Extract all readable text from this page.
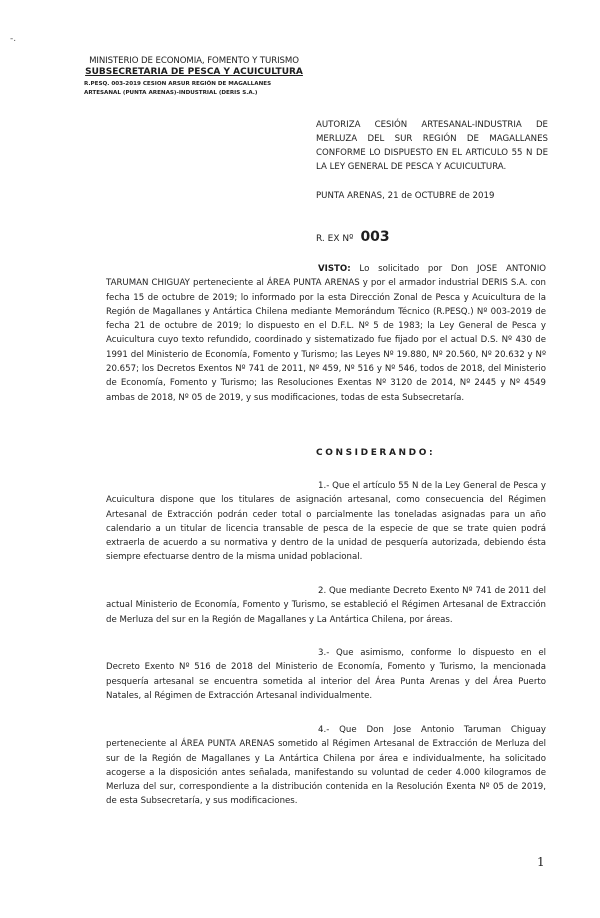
-.
MINISTERIO DE ECONOMIA, FOMENTO Y TURISMO
SUBSECRETARIA DE PESCA Y ACUICULTURA
R.PESQ. 003-2019 CESION ARSUR REGIÓN DE MAGALLANES
ARTESANAL (PUNTA ARENAS)-INDUSTRIAL (DERIS S.A.)
AUTORIZA CESIÓN ARTESANAL-INDUSTRIA DE MERLUZA DEL SUR REGIÓN DE MAGALLANES CONFORME LO DISPUESTO EN EL ARTICULO 55 N DE LA LEY GENERAL DE PESCA Y ACUICULTURA.
PUNTA ARENAS, 21 de OCTUBRE de 2019
R. EX Nº 003
VISTO: Lo solicitado por Don JOSE ANTONIO TARUMAN CHIGUAY perteneciente al ÁREA PUNTA ARENAS y por el armador industrial DERIS S.A. con fecha 15 de octubre de 2019; lo informado por la esta Dirección Zonal de Pesca y Acuicultura de la Región de Magallanes y Antártica Chilena mediante Memorándum Técnico (R.PESQ.) Nº 003-2019 de fecha 21 de octubre de 2019; lo dispuesto en el D.F.L. Nº 5 de 1983; la Ley General de Pesca y Acuicultura cuyo texto refundido, coordinado y sistematizado fue fijado por el actual D.S. Nº 430 de 1991 del Ministerio de Economía, Fomento y Turismo; las Leyes Nº 19.880, Nº 20.560, Nº 20.632 y Nº 20.657; los Decretos Exentos Nº 741 de 2011, Nº 459, Nº 516 y Nº 546, todos de 2018, del Ministerio de Economía, Fomento y Turismo; las Resoluciones Exentas Nº 3120 de 2014, Nº 2445 y Nº 4549 ambas de 2018, Nº 05 de 2019, y sus modificaciones, todas de esta Subsecretaría.
CONSIDERANDO:
1.- Que el artículo 55 N de la Ley General de Pesca y Acuicultura dispone que los titulares de asignación artesanal, como consecuencia del Régimen Artesanal de Extracción podrán ceder total o parcialmente las toneladas asignadas para un año calendario a un titular de licencia transable de pesca de la especie de que se trate quien podrá extraerla de acuerdo a su normativa y dentro de la unidad de pesquería autorizada, debiendo ésta siempre efectuarse dentro de la misma unidad poblacional.
2. Que mediante Decreto Exento Nº 741 de 2011 del actual Ministerio de Economía, Fomento y Turismo, se estableció el Régimen Artesanal de Extracción de Merluza del sur en la Región de Magallanes y La Antártica Chilena, por áreas.
3.- Que asimismo, conforme lo dispuesto en el Decreto Exento Nº 516 de 2018 del Ministerio de Economía, Fomento y Turismo, la mencionada pesquería artesanal se encuentra sometida al interior del Área Punta Arenas y del Área Puerto Natales, al Régimen de Extracción Artesanal individualmente.
4.- Que Don Jose Antonio Taruman Chiguay perteneciente al ÁREA PUNTA ARENAS sometido al Régimen Artesanal de Extracción de Merluza del sur de la Región de Magallanes y La Antártica Chilena por área e individualmente, ha solicitado acogerse a la disposición antes señalada, manifestando su voluntad de ceder 4.000 kilogramos de Merluza del sur, correspondiente a la distribución contenida en la Resolución Exenta Nº 05 de 2019, de esta Subsecretaría, y sus modificaciones.
1
